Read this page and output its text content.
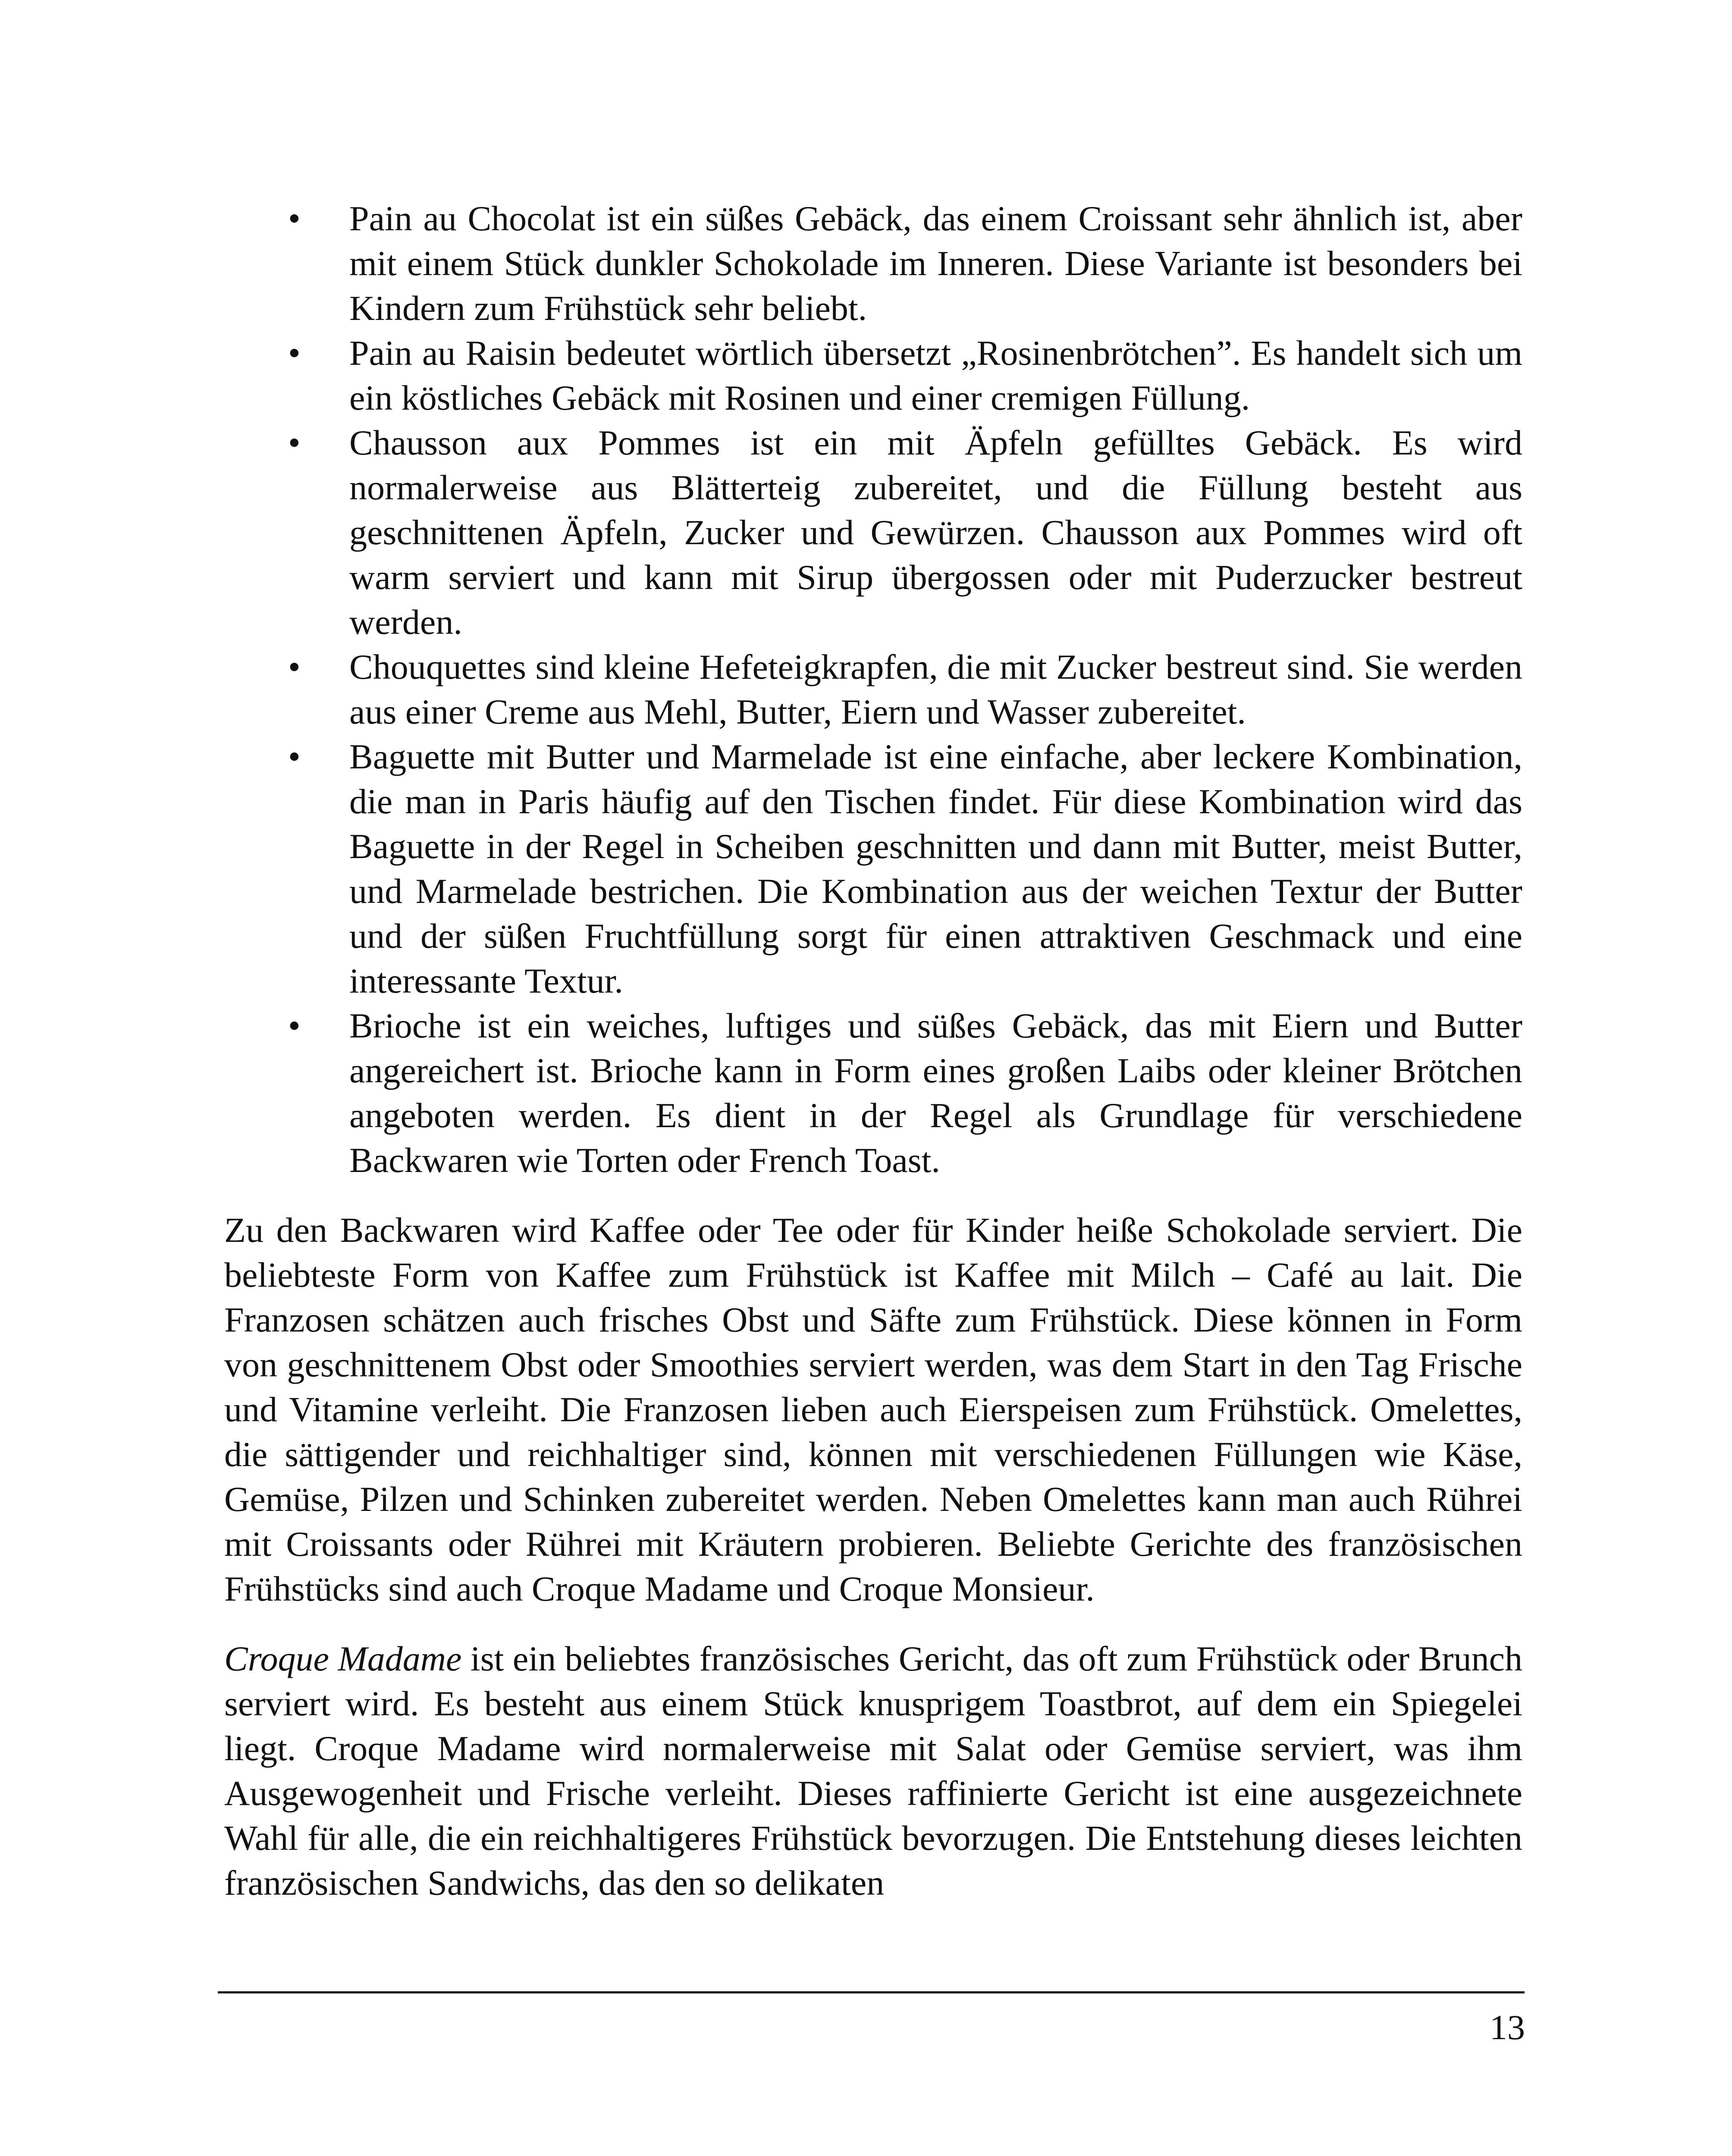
• Pain au Chocolat ist ein süßes Gebäck, das einem Croissant sehr ähnlich ist, aber mit einem Stück dunkler Schokolade im Inneren. Diese Variante ist besonders bei Kindern zum Frühstück sehr beliebt.
• Pain au Raisin bedeutet wörtlich übersetzt „Rosinenbrötchen”. Es handelt sich um ein köstliches Gebäck mit Rosinen und einer cremigen Füllung.
• Chausson aux Pommes ist ein mit Äpfeln gefülltes Gebäck. Es wird normalerweise aus Blätterteig zubereitet, und die Füllung besteht aus geschnittenen Äpfeln, Zucker und Gewürzen. Chausson aux Pommes wird oft warm serviert und kann mit Sirup übergossen oder mit Puderzucker bestreut werden.
• Chouquettes sind kleine Hefeteigkrapfen, die mit Zucker bestreut sind. Sie werden aus einer Creme aus Mehl, Butter, Eiern und Wasser zubereitet.
• Baguette mit Butter und Marmelade ist eine einfache, aber leckere Kombination, die man in Paris häufig auf den Tischen findet. Für diese Kombination wird das Baguette in der Regel in Scheiben geschnitten und dann mit Butter, meist Butter, und Marmelade bestrichen. Die Kombination aus der weichen Textur der Butter und der süßen Fruchtfüllung sorgt für einen attraktiven Geschmack und eine interessante Textur.
• Brioche ist ein weiches, luftiges und süßes Gebäck, das mit Eiern und Butter angereichert ist. Brioche kann in Form eines großen Laibs oder kleiner Brötchen angeboten werden. Es dient in der Regel als Grundlage für verschiedene Backwaren wie Torten oder French Toast.

Zu den Backwaren wird Kaffee oder Tee oder für Kinder heiße Schokolade serviert. Die beliebteste Form von Kaffee zum Frühstück ist Kaffee mit Milch – Café au lait. Die Franzosen schätzen auch frisches Obst und Säfte zum Frühstück. Diese können in Form von geschnittenem Obst oder Smoothies serviert werden, was dem Start in den Tag Frische und Vitamine verleiht. Die Franzosen lieben auch Eierspeisen zum Frühstück. Omelettes, die sättigender und reichhaltiger sind, können mit verschiedenen Füllungen wie Käse, Gemüse, Pilzen und Schinken zubereitet werden. Neben Omelettes kann man auch Rührei mit Croissants oder Rührei mit Kräutern probieren. Beliebte Gerichte des französischen Frühstücks sind auch Croque Madame und Croque Monsieur.

Croque Madame ist ein beliebtes französisches Gericht, das oft zum Frühstück oder Brunch serviert wird. Es besteht aus einem Stück knusprigem Toastbrot, auf dem ein Spiegelei liegt. Croque Madame wird normalerweise mit Salat oder Gemüse serviert, was ihm Ausgewogenheit und Frische verleiht. Dieses raffinierte Gericht ist eine ausgezeichnete Wahl für alle, die ein reichhaltigeres Frühstück bevorzugen. Die Entstehung dieses leichten französischen Sandwichs, das den so delikaten

13
